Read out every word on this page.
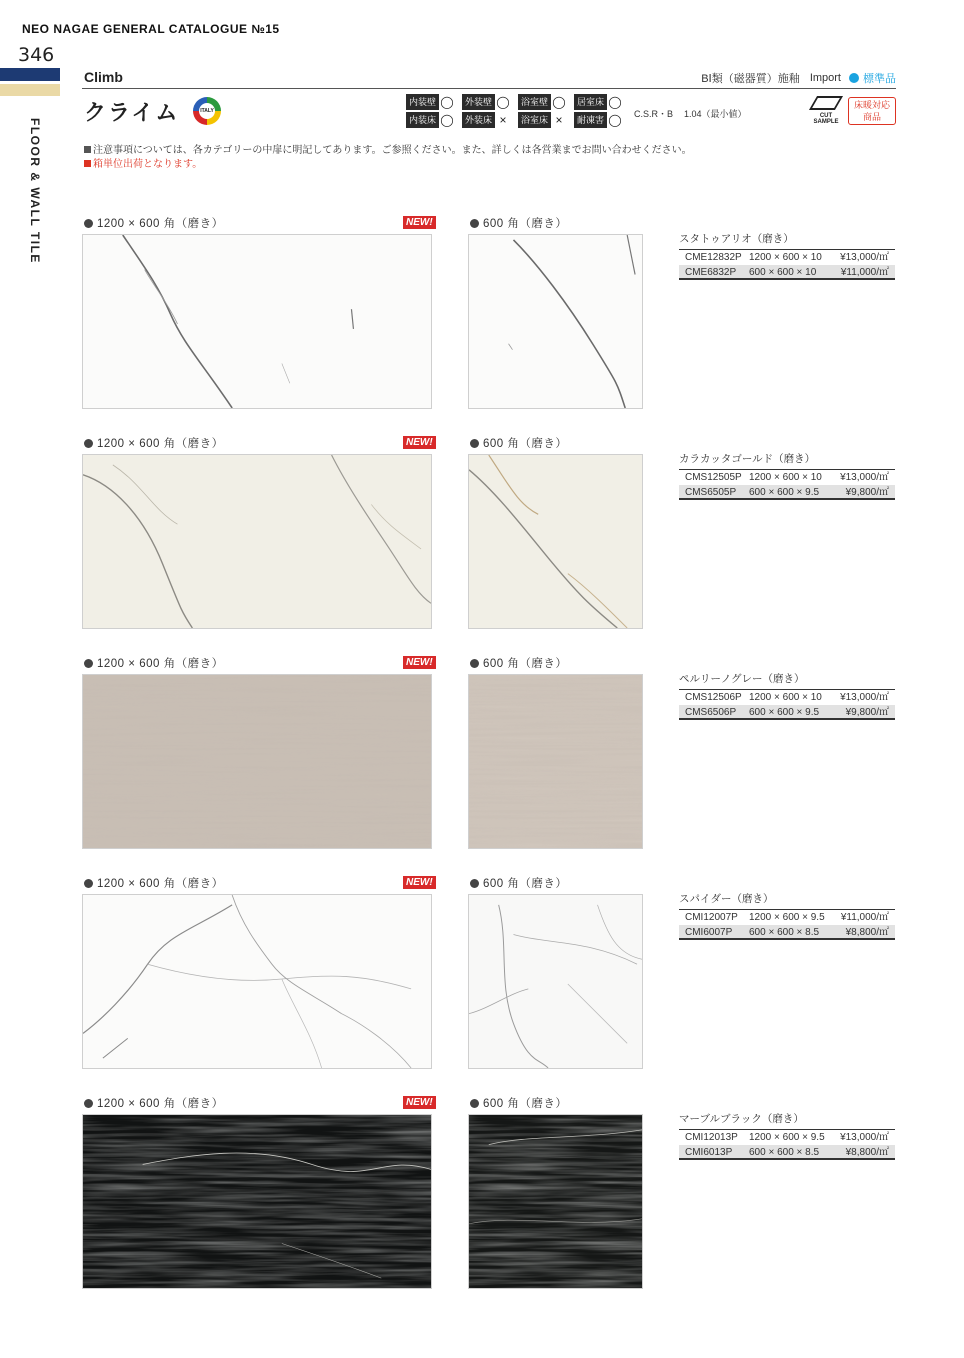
NEO NAGAE GENERAL CATALOGUE №15
346
FLOOR & WALL TILE
Climb	BⅠ類（磁器質）施釉 Import 標準品
クライム	ITALY
内装壁 ◯	外装壁 ◯	浴室壁 ◯	居室床 ◯
内装床 ◯	外装床 ×	浴室床 ×	耐凍害 ◯ C.S.R・B 1.04（最小値）	CUT SAMPLE
床暖対応
商品
注意事項については、各カテゴリーの中扉に明記してあります。ご参照ください。また、詳しくは各営業までお問い合わせください。
箱単位出荷となります。
1200 × 600 角（磨き）	NEW!	600 角（磨き）
スタトゥアリオ（磨き）
CME12832P 1200 × 600 × 10	¥13,000/㎡
CME6832P	600 × 600 × 10	¥11,000/㎡
1200 × 600 角（磨き）	NEW!	600 角（磨き）
カラカッタゴールド（磨き）
CMS12505P 1200 × 600 × 10	¥13,000/㎡
CMS6505P	600 × 600 × 9.5	¥9,800/㎡
1200 × 600 角（磨き）	NEW!	600 角（磨き）
ペルリーノグレー（磨き）
CMS12506P 1200 × 600 × 10	¥13,000/㎡
CMS6506P	600 × 600 × 9.5	¥9,800/㎡
1200 × 600 角（磨き）	NEW!	600 角（磨き）
スパイダー（磨き）
CMI12007P	1200 × 600 × 9.5	¥11,000/㎡
CMI6007P	600 × 600 × 8.5	¥8,800/㎡
1200 × 600 角（磨き）	NEW!	600 角（磨き）
マーブルブラック（磨き）
CMI12013P	1200 × 600 × 9.5	¥13,000/㎡
CMI6013P	600 × 600 × 8.5	¥8,800/㎡
